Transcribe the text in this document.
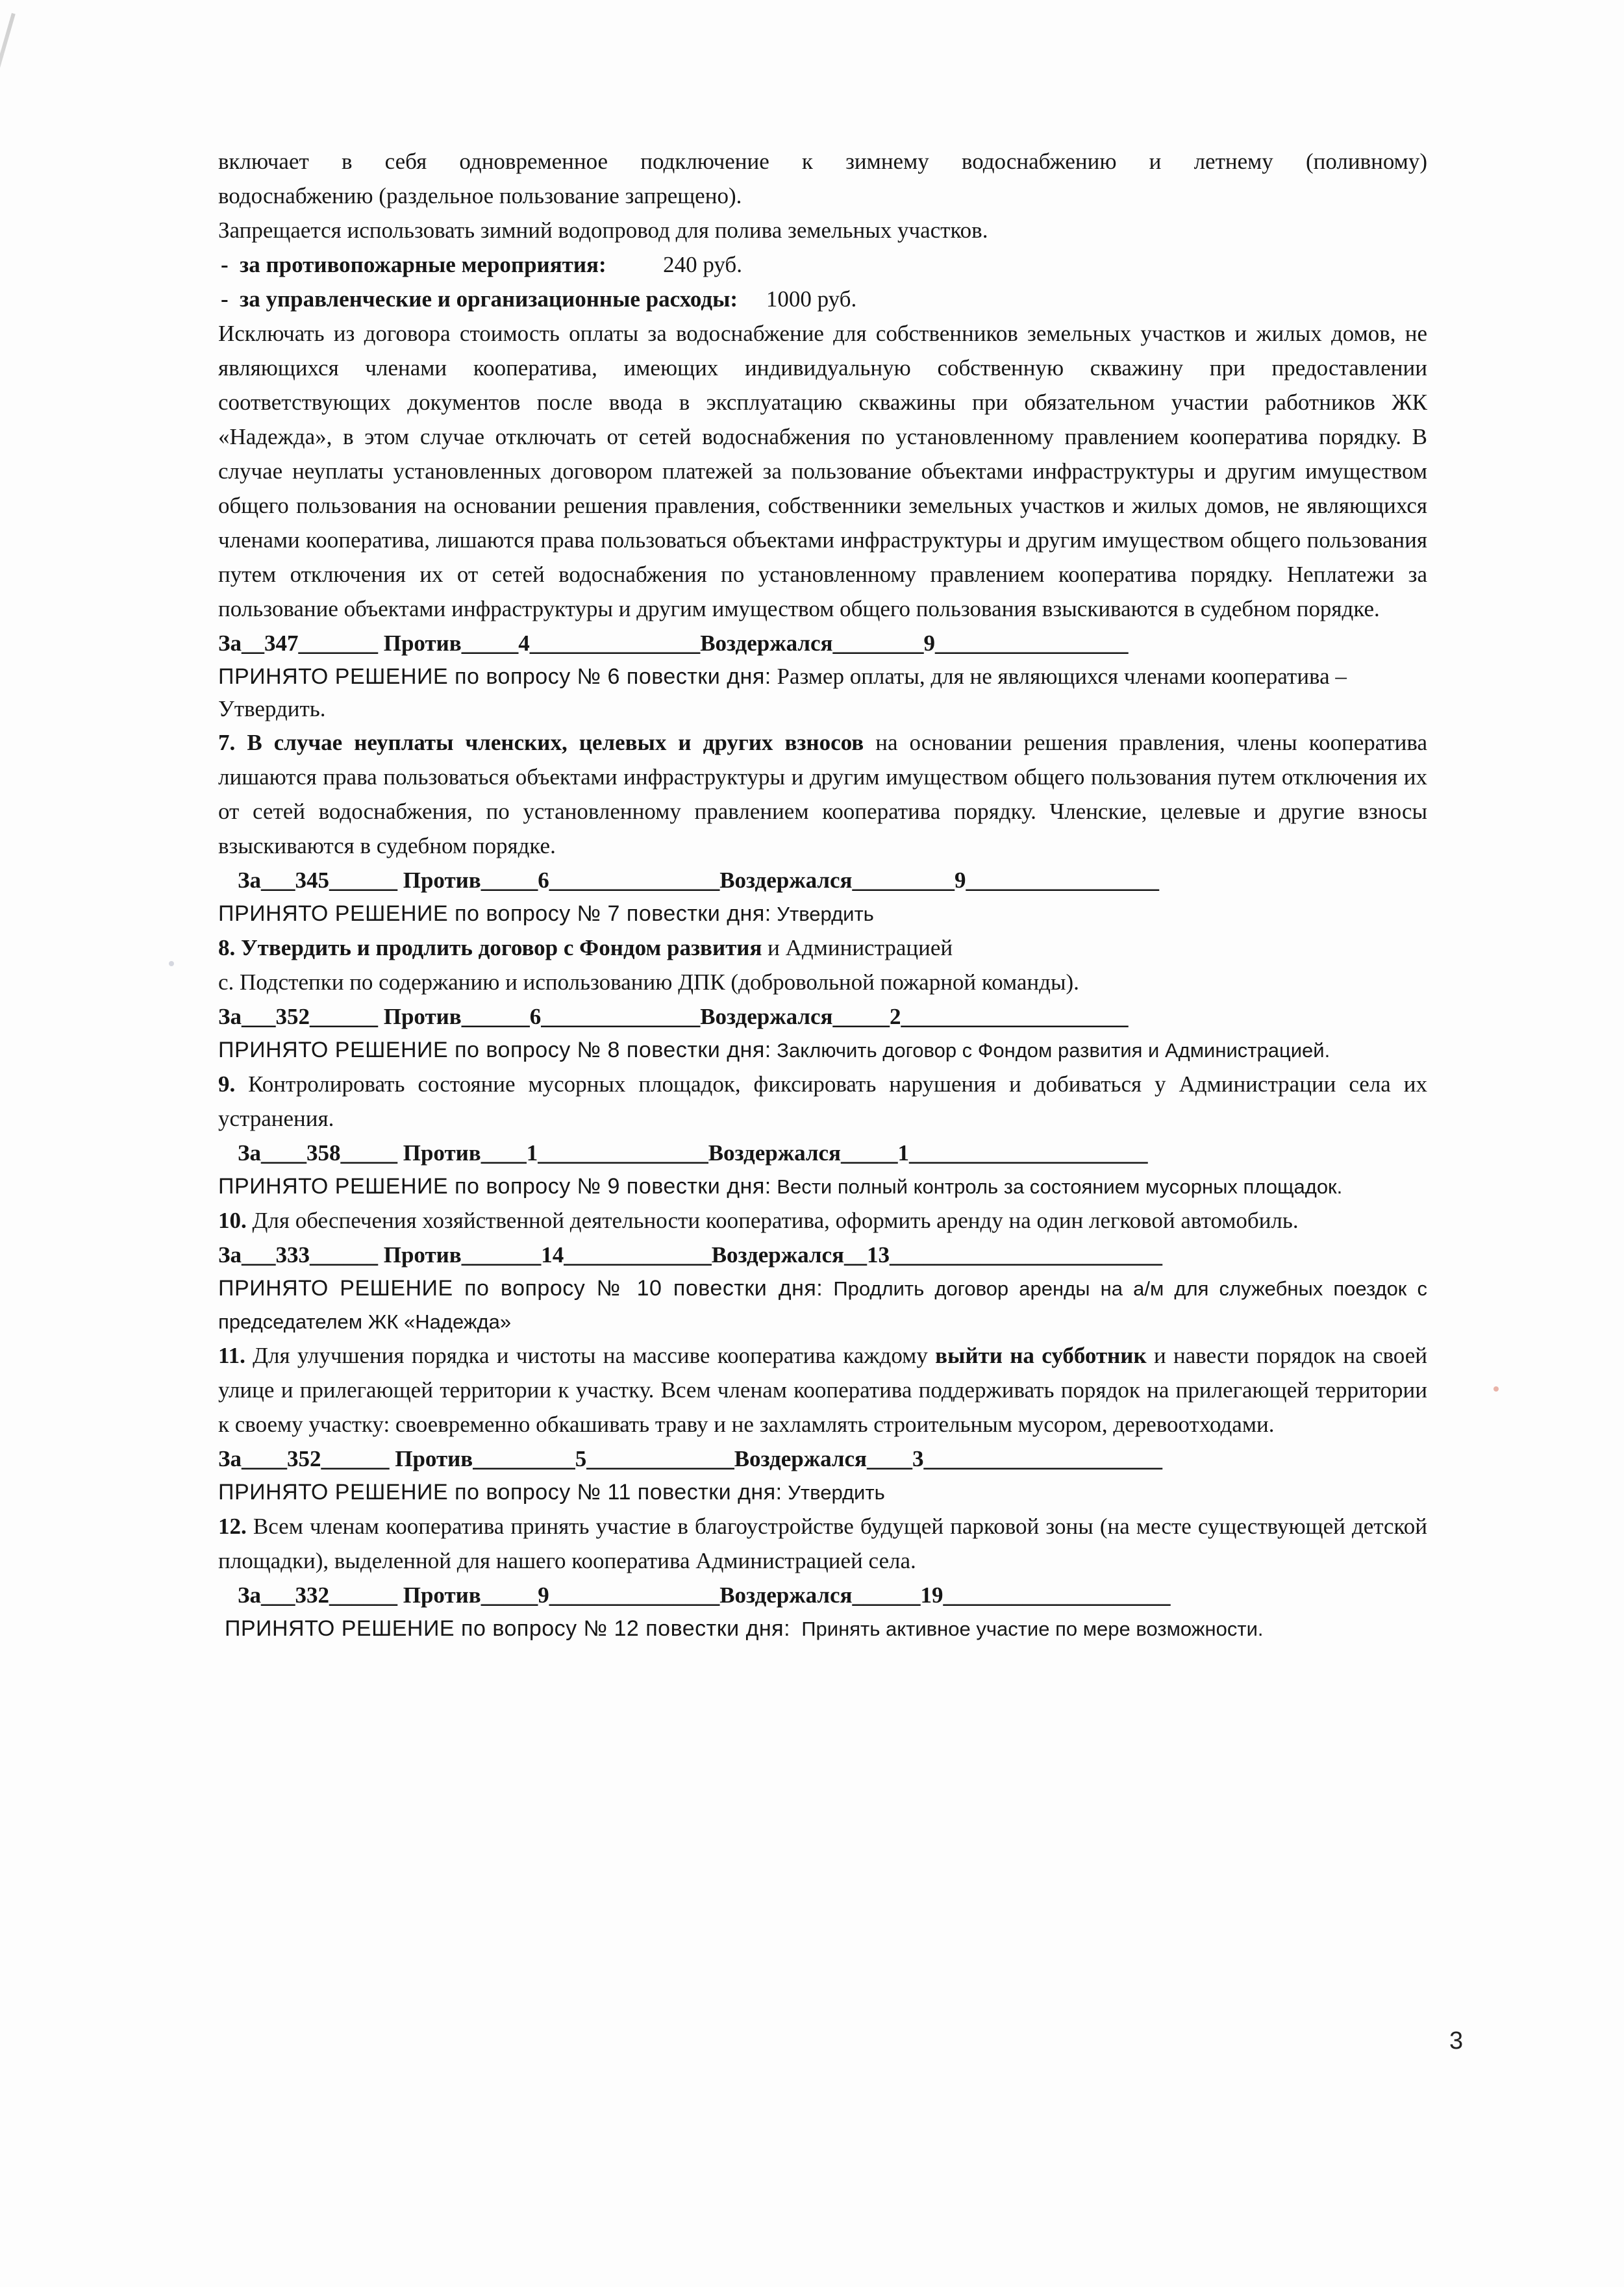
включает в себя одновременное подключение к зимнему водоснабжению и летнему (поливному)

водоснабжению (раздельное пользование запрещено).

Запрещается использовать зимний водопровод для полива земельных участков.

-  за противопожарные мероприятия:	240 руб.

-  за управленческие и организационные расходы: 1000 руб.

Исключать из договора стоимость оплаты за водоснабжение для собственников земельных участков и жилых домов, не являющихся членами кооператива, имеющих индивидуальную собственную скважину при предоставлении соответствующих документов после ввода в эксплуатацию скважины при обязательном участии работников ЖК «Надежда», в этом случае отключать от сетей водоснабжения по установленному правлением кооператива порядку. В случае неуплаты установленных договором платежей за пользование объектами инфраструктуры и другим имуществом общего пользования на основании решения правления, собственники земельных участков и жилых домов, не являющихся членами кооператива, лишаются права пользоваться объектами инфраструктуры и другим имуществом общего пользования путем отключения их от сетей водоснабжения по установленному правлением кооператива порядку. Неплатежи за пользование объектами инфраструктуры и другим имуществом общего пользования взыскиваются в судебном порядке.

За__347_______ Против_____4_______________Воздержался________9_________________

ПРИНЯТО РЕШЕНИЕ по вопросу № 6 повестки дня: Размер оплаты, для не являющихся членами кооператива – Утвердить.

7. В случае неуплаты членских, целевых и других взносов на основании решения правления, члены кооператива лишаются права пользоваться объектами инфраструктуры и другим имуществом общего пользования путем отключения их от сетей водоснабжения, по установленному правлением кооператива порядку. Членские, целевые и другие взносы взыскиваются в судебном порядке.

За___345______ Против_____6_______________Воздержался_________9_________________

ПРИНЯТО РЕШЕНИЕ по вопросу № 7 повестки дня: Утвердить

8. Утвердить и продлить договор с Фондом развития и Администрацией

с. Подстепки по содержанию и использованию ДПК (добровольной пожарной команды).

За___352______ Против______6______________Воздержался_____2____________________

ПРИНЯТО РЕШЕНИЕ по вопросу № 8 повестки дня: Заключить договор с Фондом развития и Администрацией.

9. Контролировать состояние мусорных площадок, фиксировать нарушения и добиваться у Администрации села их устранения.

За____358_____ Против____1_______________Воздержался_____1_____________________

ПРИНЯТО РЕШЕНИЕ по вопросу № 9 повестки дня: Вести полный контроль за состоянием мусорных площадок.

10. Для обеспечения хозяйственной деятельности кооператива, оформить аренду на один легковой автомобиль.

За___333______ Против_______14_____________Воздержался__13________________________

ПРИНЯТО РЕШЕНИЕ по вопросу № 10 повестки дня: Продлить договор аренды на а/м для служебных поездок с председателем ЖК «Надежда»

11. Для улучшения порядка и чистоты на массиве кооператива каждому выйти на субботник и навести порядок на своей улице и прилегающей территории к участку. Всем членам кооператива поддерживать порядок на прилегающей территории к своему участку: своевременно обкашивать траву и не захламлять строительным мусором, деревоотходами.

За____352______ Против_________5_____________Воздержался____3_____________________

ПРИНЯТО РЕШЕНИЕ по вопросу № 11 повестки дня: Утвердить

12. Всем членам кооператива принять участие в благоустройстве будущей парковой зоны (на месте существующей детской площадки), выделенной для нашего кооператива Администрацией села.

За___332______ Против_____9_______________Воздержался______19____________________

ПРИНЯТО РЕШЕНИЕ по вопросу № 12 повестки дня:  Принять активное участие по мере возможности.

3
